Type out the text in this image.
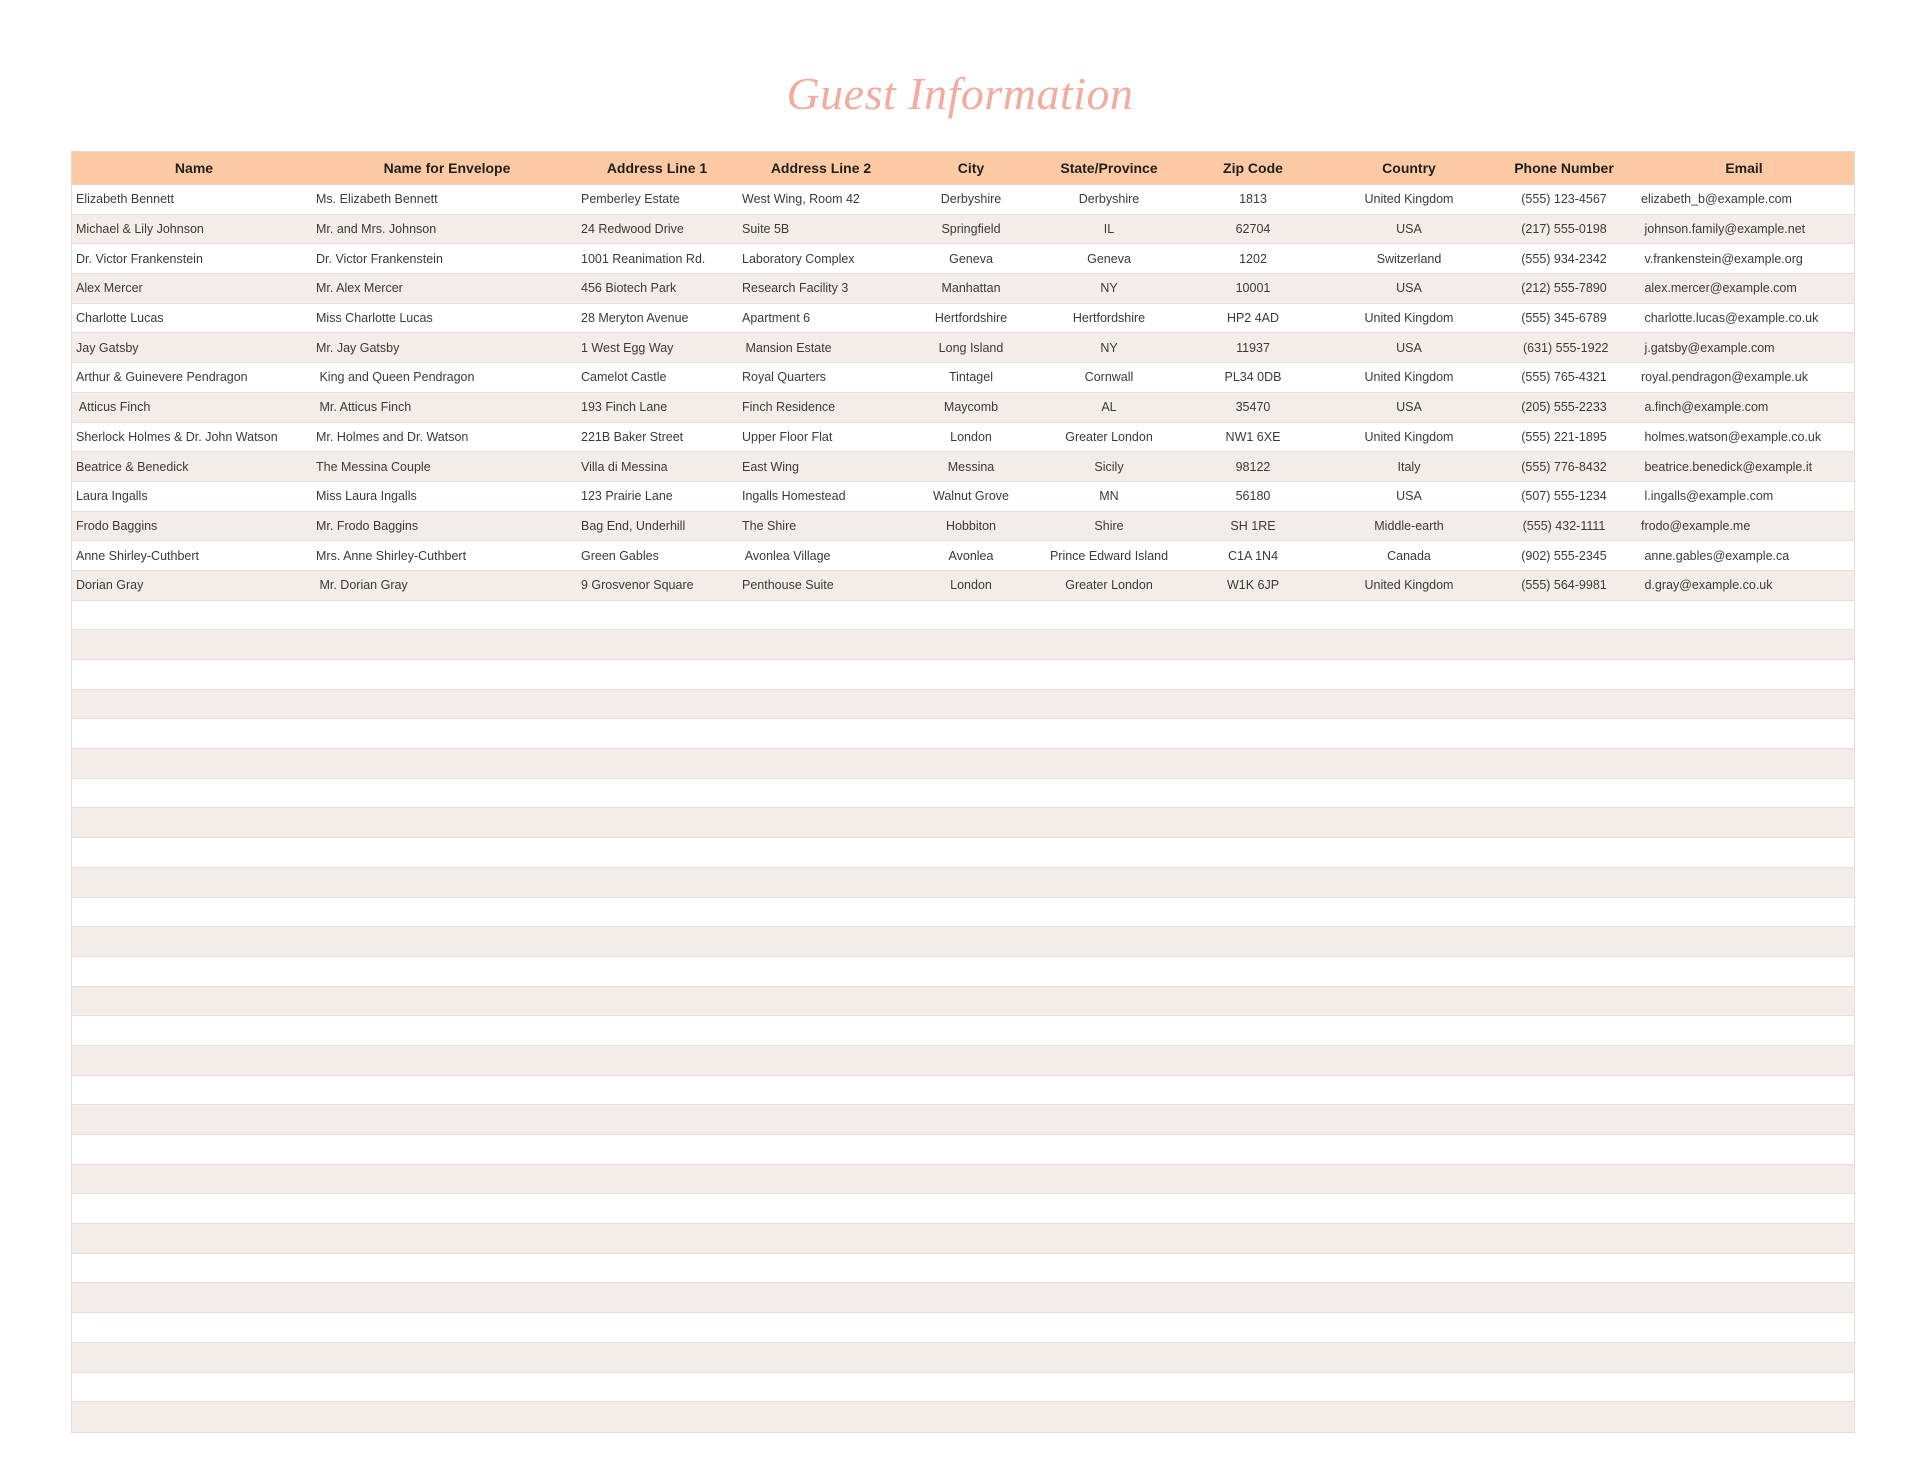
Guest Information
Name	Name for Envelope	Address Line 1	Address Line 2	City	State/Province	Zip Code	Country	Phone Number	Email
Elizabeth Bennett	Ms. Elizabeth Bennett	Pemberley Estate	West Wing, Room 42	Derbyshire	Derbyshire	1813	United Kingdom	(555) 123-4567	elizabeth_b@example.com
Michael & Lily Johnson	Mr. and Mrs. Johnson	24 Redwood Drive	Suite 5B	Springfield	IL	62704	USA	(217) 555-0198	johnson.family@example.net
Dr. Victor Frankenstein	Dr. Victor Frankenstein	1001 Reanimation Rd.	Laboratory Complex	Geneva	Geneva	1202	Switzerland	(555) 934-2342	v.frankenstein@example.org
Alex Mercer	Mr. Alex Mercer	456 Biotech Park	Research Facility 3	Manhattan	NY	10001	USA	(212) 555-7890	alex.mercer@example.com
Charlotte Lucas	Miss Charlotte Lucas	28 Meryton Avenue	Apartment 6	Hertfordshire	Hertfordshire	HP2 4AD	United Kingdom	(555) 345-6789	charlotte.lucas@example.co.uk
Jay Gatsby	Mr. Jay Gatsby	1 West Egg Way	Mansion Estate	Long Island	NY	11937	USA	(631) 555-1922	j.gatsby@example.com
Arthur & Guinevere Pendragon	King and Queen Pendragon	Camelot Castle	Royal Quarters	Tintagel	Cornwall	PL34 0DB	United Kingdom	(555) 765-4321	royal.pendragon@example.uk
Atticus Finch	Mr. Atticus Finch	193 Finch Lane	Finch Residence	Maycomb	AL	35470	USA	(205) 555-2233	a.finch@example.com
Sherlock Holmes & Dr. John Watson	Mr. Holmes and Dr. Watson	221B Baker Street	Upper Floor Flat	London	Greater London	NW1 6XE	United Kingdom	(555) 221-1895	holmes.watson@example.co.uk
Beatrice & Benedick	The Messina Couple	Villa di Messina	East Wing	Messina	Sicily	98122	Italy	(555) 776-8432	beatrice.benedick@example.it
Laura Ingalls	Miss Laura Ingalls	123 Prairie Lane	Ingalls Homestead	Walnut Grove	MN	56180	USA	(507) 555-1234	l.ingalls@example.com
Frodo Baggins	Mr. Frodo Baggins	Bag End, Underhill	The Shire	Hobbiton	Shire	SH 1RE	Middle-earth	(555) 432-1111	frodo@example.me
Anne Shirley-Cuthbert	Mrs. Anne Shirley-Cuthbert	Green Gables	Avonlea Village	Avonlea	Prince Edward Island	C1A 1N4	Canada	(902) 555-2345	anne.gables@example.ca
Dorian Gray	Mr. Dorian Gray	9 Grosvenor Square	Penthouse Suite	London	Greater London	W1K 6JP	United Kingdom	(555) 564-9981	d.gray@example.co.uk
